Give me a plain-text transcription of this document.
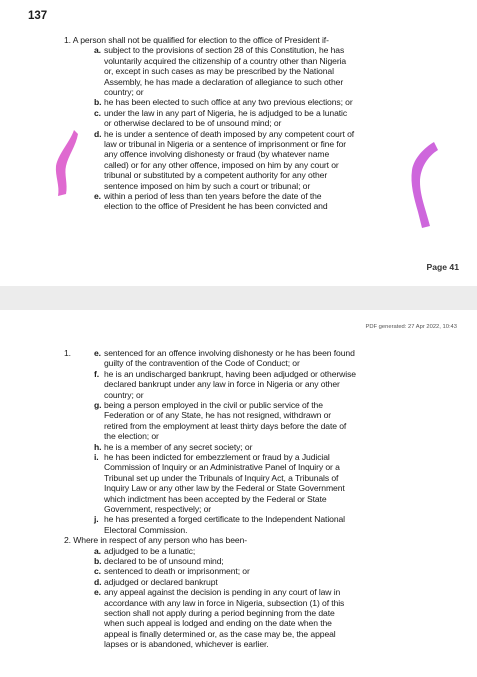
137
1. A person shall not be qualified for election to the office of President if-
a. subject to the provisions of section 28 of this Constitution, he has
voluntarily acquired the citizenship of a country other than Nigeria
or, except in such cases as may be prescribed by the National
Assembly, he has made a declaration of allegiance to such other
country; or
b. he has been elected to such office at any two previous elections; or
c. under the law in any part of Nigeria, he is adjudged to be a lunatic
or otherwise declared to be of unsound mind; or
d. he is under a sentence of death imposed by any competent court of
law or tribunal in Nigeria or a sentence of imprisonment or fine for
any offence involving dishonesty or fraud (by whatever name
called) or for any other offence, imposed on him by any court or
tribunal or substituted by a competent authority for any other
sentence imposed on him by such a court or tribunal; or
e. within a period of less than ten years before the date of the
election to the office of President he has been convicted and
Page 41
PDF generated: 27 Apr 2022, 10:43
1.	e. sentenced for an offence involving dishonesty or he has been found
guilty of the contravention of the Code of Conduct; or
f. he is an undischarged bankrupt, having been adjudged or otherwise
declared bankrupt under any law in force in Nigeria or any other
country; or
g. being a person employed in the civil or public service of the
Federation or of any State, he has not resigned, withdrawn or
retired from the employment at least thirty days before the date of
the election; or
h. he is a member of any secret society; or
i. he has been indicted for embezzlement or fraud by a Judicial
Commission of Inquiry or an Administrative Panel of Inquiry or a
Tribunal set up under the Tribunals of Inquiry Act, a Tribunals of
Inquiry Law or any other law by the Federal or State Government
which indictment has been accepted by the Federal or State
Government, respectively; or
j. he has presented a forged certificate to the Independent National
Electoral Commission.
2. Where in respect of any person who has been-
a. adjudged to be a lunatic;
b. declared to be of unsound mind;
c. sentenced to death or imprisonment; or
d. adjudged or declared bankrupt
e. any appeal against the decision is pending in any court of law in
accordance with any law in force in Nigeria, subsection (1) of this
section shall not apply during a period beginning from the date
when such appeal is lodged and ending on the date when the
appeal is finally determined or, as the case may be, the appeal
lapses or is abandoned, whichever is earlier.
